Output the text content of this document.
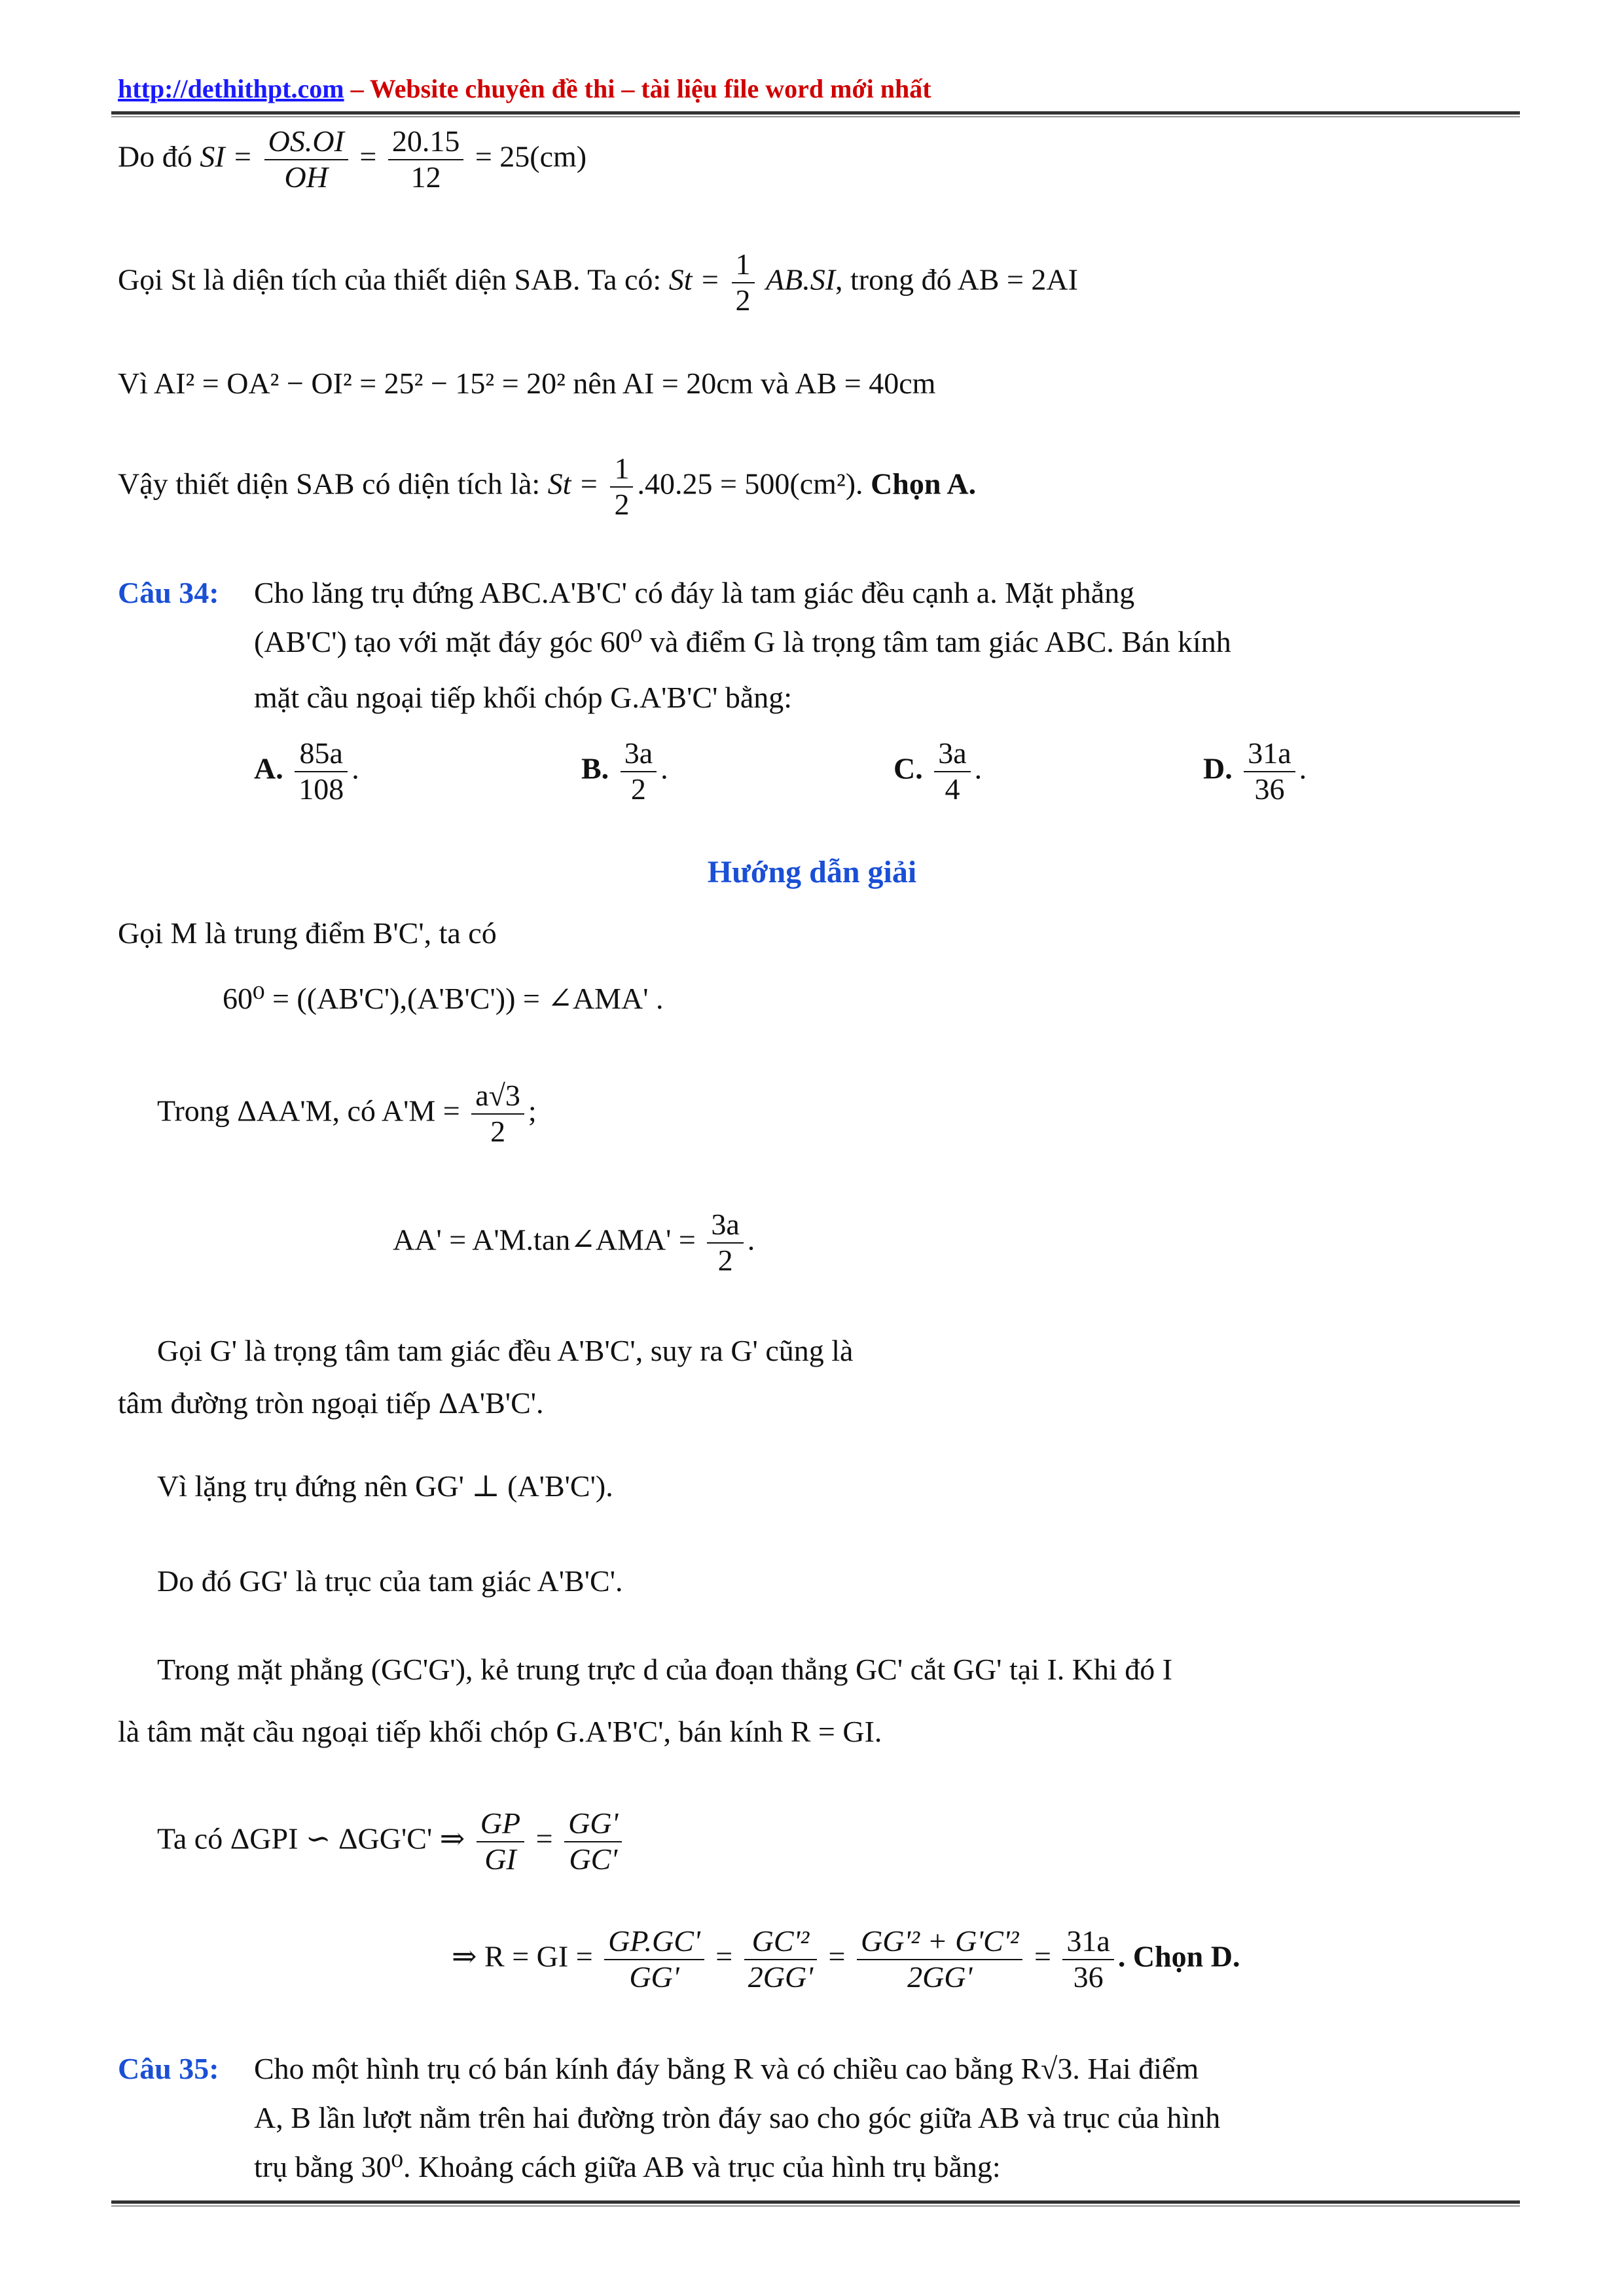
http://dethithpt.com – Website chuyên đề thi – tài liệu file word mới nhất
Do đó SI = $\frac{OS.OI}{OH} = \frac{20.15}{12} = 25(cm)$
Gọi St là diện tích của thiết diện SAB. Ta có: $St = \frac{1}{2} AB.SI$, trong đó AB = 2AI
Vì AI² = OA² − OI² = 25² − 15² = 20² nên AI = 20cm và AB = 40cm
Vậy thiết diện SAB có diện tích là: $St = \frac{1}{2} .40.25 = 500(cm^2)$. Chọn A.
Câu 34: Cho lăng trụ đứng ABC.A'B'C' có đáy là tam giác đều cạnh a. Mặt phẳng
(AB'C') tạo với mặt đáy góc 60⁰ và điểm G là trọng tâm tam giác ABC. Bán kính
mặt cầu ngoại tiếp khối chóp G.A'B'C' bằng:
A. $\frac{85a}{108}$ .	B. $\frac{3a}{2}$ .	C. $\frac{3a}{4}$ .	D. $\frac{31a}{36}$ .
Hướng dẫn giải
Gọi M là trung điểm B'C', ta có
60⁰ = ((AB'C'),(A'B'C')) = ∠AMA' .
Trong ΔAA'M, có $A'M = \frac{a√3}{2}$ ;
AA' = A'M.tan∠AMA' = $\frac{3a}{2}$ .
Gọi G' là trọng tâm tam giác đều A'B'C', suy ra G' cũng là
tâm đường tròn ngoại tiếp ΔA'B'C'.
Vì lặng trụ đứng nên GG' ⊥ (A'B'C').
Do đó GG' là trục của tam giác A'B'C'.
Trong mặt phẳng (GC'G'), kẻ trung trực d của đoạn thẳng GC' cắt GG' tại I. Khi đó I
là tâm mặt cầu ngoại tiếp khối chóp G.A'B'C', bán kính R = GI.
Ta có ΔGPI ∽ ΔGG'C' ⇒ $\frac{GP}{GI} = \frac{GG'}{GC'}$
⇒ R = GI = $\frac{GP.GC'}{GG'} = \frac{\text{GC'²}}{2GG'} = \frac{\text{GG'² + G'C'²}}{2GG'} = \frac{31a}{36}$ . Chọn D.
Câu 35: Cho một hình trụ có bán kính đáy bằng R và có chiều cao bằng R√3. Hai điểm
A, B lần lượt nằm trên hai đường tròn đáy sao cho góc giữa AB và trục của hình
trụ bằng 30⁰. Khoảng cách giữa AB và trục của hình trụ bằng:
